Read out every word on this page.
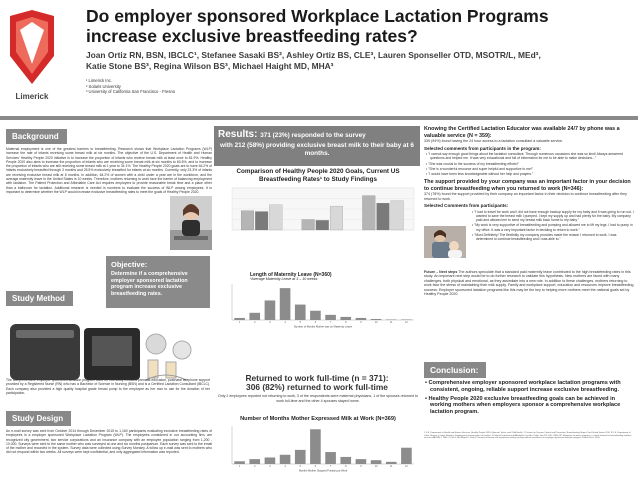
Limerick
Do employer sponsored Workplace Lactation Programs increase exclusive breastfeeding rates?
Joan Ortiz RN, BSN, IBCLC¹, Stefanee Sasaki BS², Ashley Ortiz BS, CLE³, Lauren Sponseller OTD, MSOTR/L, MEd³, Katie Stone BS³, Regina Wilson BS³, Michael Haight MD, MHA³
¹ Limerick Inc.
² Solaris University
³ University of California San Francisco - Fresno
Background
Maternal employment is one of the greatest barriers to breastfeeding. Research shows that Workplace Lactation Programs (WLP) increase the rate of infants receiving some breast milk at six months. The objective of the U.S. Department of Health and Human Services' Healthy People 2020 initiative is to increase the proportion of infants who receive breast milk at least once to 81.9%. Healthy People 2020 also aims to increase the proportion of infants who are receiving some breast milk at six months to 60.6%, and to increase the proportion of infants who are still receiving some breast milk at 1 year to 34.1%. The Healthy People 2020 goals are to have 46.2% of infants exclusively breastfed through 3 months and 25.5% exclusively breastfed for infants at six months. Currently, only 23.3% of infants are receiving exclusive breast milk at 6 months. In addition, 64.2% of women with a child under a year are in the workforce, and the average maternity leave in the United States is 10 weeks. Therefore, mothers returning to work face the barrier of balancing employment with lactation. The Patient Protection and Affordable Care Act requires employers to provide reasonable break time and a place other than a bathroom for lactation. Additional research is needed in numbers to evaluate the success of WLP among employees. It is important to determine whether the WLP would increase exclusive breastfeeding rates to meet the goals of Healthy People 2020.
Objective:
Determine if a comprehensive employer sponsored lactation program increase exclusive breastfeeding rates.
Study Method
The comprehensive employer sponsored lactation program used for this study included prenatal education, postnatal telephone support provided by a Registered Nurse (RN) who has a Bachelor of Science in Nursing (BSN) and is a Certified Lactation Consultant (IBCLC). Each company also provided a high quality hospital grade breast pump to the employee as her own to use for the duration of her participation.
Study Design
An e-mail survey was sent from October 2014 through December 2015 to 1,160 participants evaluating exclusive breastfeeding rates of employees in a employer sponsored Workplace Lactation Program (WLP). The employees considered in our accounting firm, are recognized city government, two service corporations and an insurance company with an employee population ranging from 1,200 - 10,000. Surveys were sent to the same mother who was surveyed at one and six months postpartum. Each survey was sent to the email of the mother and recorded in the system. Survey data were collected using Survey Monkey. A follow up e-mail was sent to mothers who did not respond within two weeks. All surveys were kept confidential, and only aggregated information was reported.
Results: 371 (23%) responded to the survey
with 212 (58%) providing exclusive breast milk to their baby at 6 months.
Comparison of Healthy People 2020 Goals, Current US Breastfeeding Rates¹ to Study Findings
Length of Maternity Leave (N=360)
*Average Maternity Leave at 3 – 10 weeks
1	2	3	4	5	6	7	8	9	10	11	12
Number of Months Mother was on Maternity Leave
Returned to work full-time (n = 371):
306 (82%) returned to work full-time
Only 2 employees reported not returning to work, 3 of the respondents were maternal physicians, 1 of the spouses returned to work full-time and the other 4 spouses stayed home.
Number of Months Mother Expressed Milk at Work (N=369)
1	2	3	4	5	6	7	8	9	10	11	12
Months Mother Stopped Pumping at Work
Knowing the Certified Lactation Educator was available 24/7 by phone was a valuable service (N = 359):
339 (94%) found having the 24 hour access to a lactation consultant a valuable service.
Selected comments from participants in the program:
• "I cannot say enough good things about the lactation consultant. Through numerous occasions she was so kind! Always answered questions and helped me. It was very educational and full of information for me to be able to make decisions..."
• "She was crucial to the success of my breastfeeding efforts!"
• "She is a wonderful resource and super helpful and supportive to me!"
• "I would have been less knowledgeable without her help and prayers."
The support provided by your company was an important factor in your decision to continue breastfeeding when you returned to work (N=346):
374 (78%) found the support provided by their company an important factor in their decision to continue breastfeeding after they returned to work.
Selected Comments from participants:
• "I had to travel for work and I did not have enough backup supply for my baby and it was going to run out. I wanted to save the breast milk I pumped. I kept my supply up and had plenty for the baby. My company paid and allowed me to send my breast milk back home to my baby."
• "My work is very supportive of breastfeeding and pumping and allowed me to lift my legs. I had to pump in my office. It was a very important factor in deciding to return to work."
• "Most Definitely! The flexibility my company provides made the reason I returned to work. I was determined to continue breastfeeding and I was able to."
Future – Next steps The authors speculate that a standard paid maternity leave contributed to the high breastfeeding rates in this study. An important next step would be to do further research to validate this hypothesis. New mothers are faced with many challenges, both physical and emotional, as they assimilate into a new role. In addition to these challenges, mothers returning to work face the stress of maintaining their milk supply. Family and workplace support, education and resources improve breastfeeding success. Employer sponsored lactation programs like this may be the key to helping more mothers meet the national goals set by Healthy People 2020.
Conclusion:
• Comprehensive employer sponsored workplace lactation programs with consistent, ongoing, reliable support increase exclusive breastfeeding.
• Healthy People 2020 exclusive breastfeeding goals can be achieved in working mothers when employers sponsor a comprehensive workplace lactation program.
1 U.S. Department of Health and Human Services. Healthy People 2020. Maternal, Infant, and Child Health. 2 Centers for Disease Control and Prevention. Breastfeeding Report Card United States 2014. 3 U.S. Department of Labor, Bureau of Labor Statistics. Employment characteristics of families. 4 Patient Protection and Affordable Care Act. Public Law 111-148. 5 Mills SP. Workplace lactation programs: a critical element for breastfeeding mothers' success. AAOHN J. 2009. 6 Ortiz J, McGilligan K, Kelly P. Duration of breast milk expression among working mothers enrolled in an employer-sponsored lactation program. Pediatr Nurs. 2004.
